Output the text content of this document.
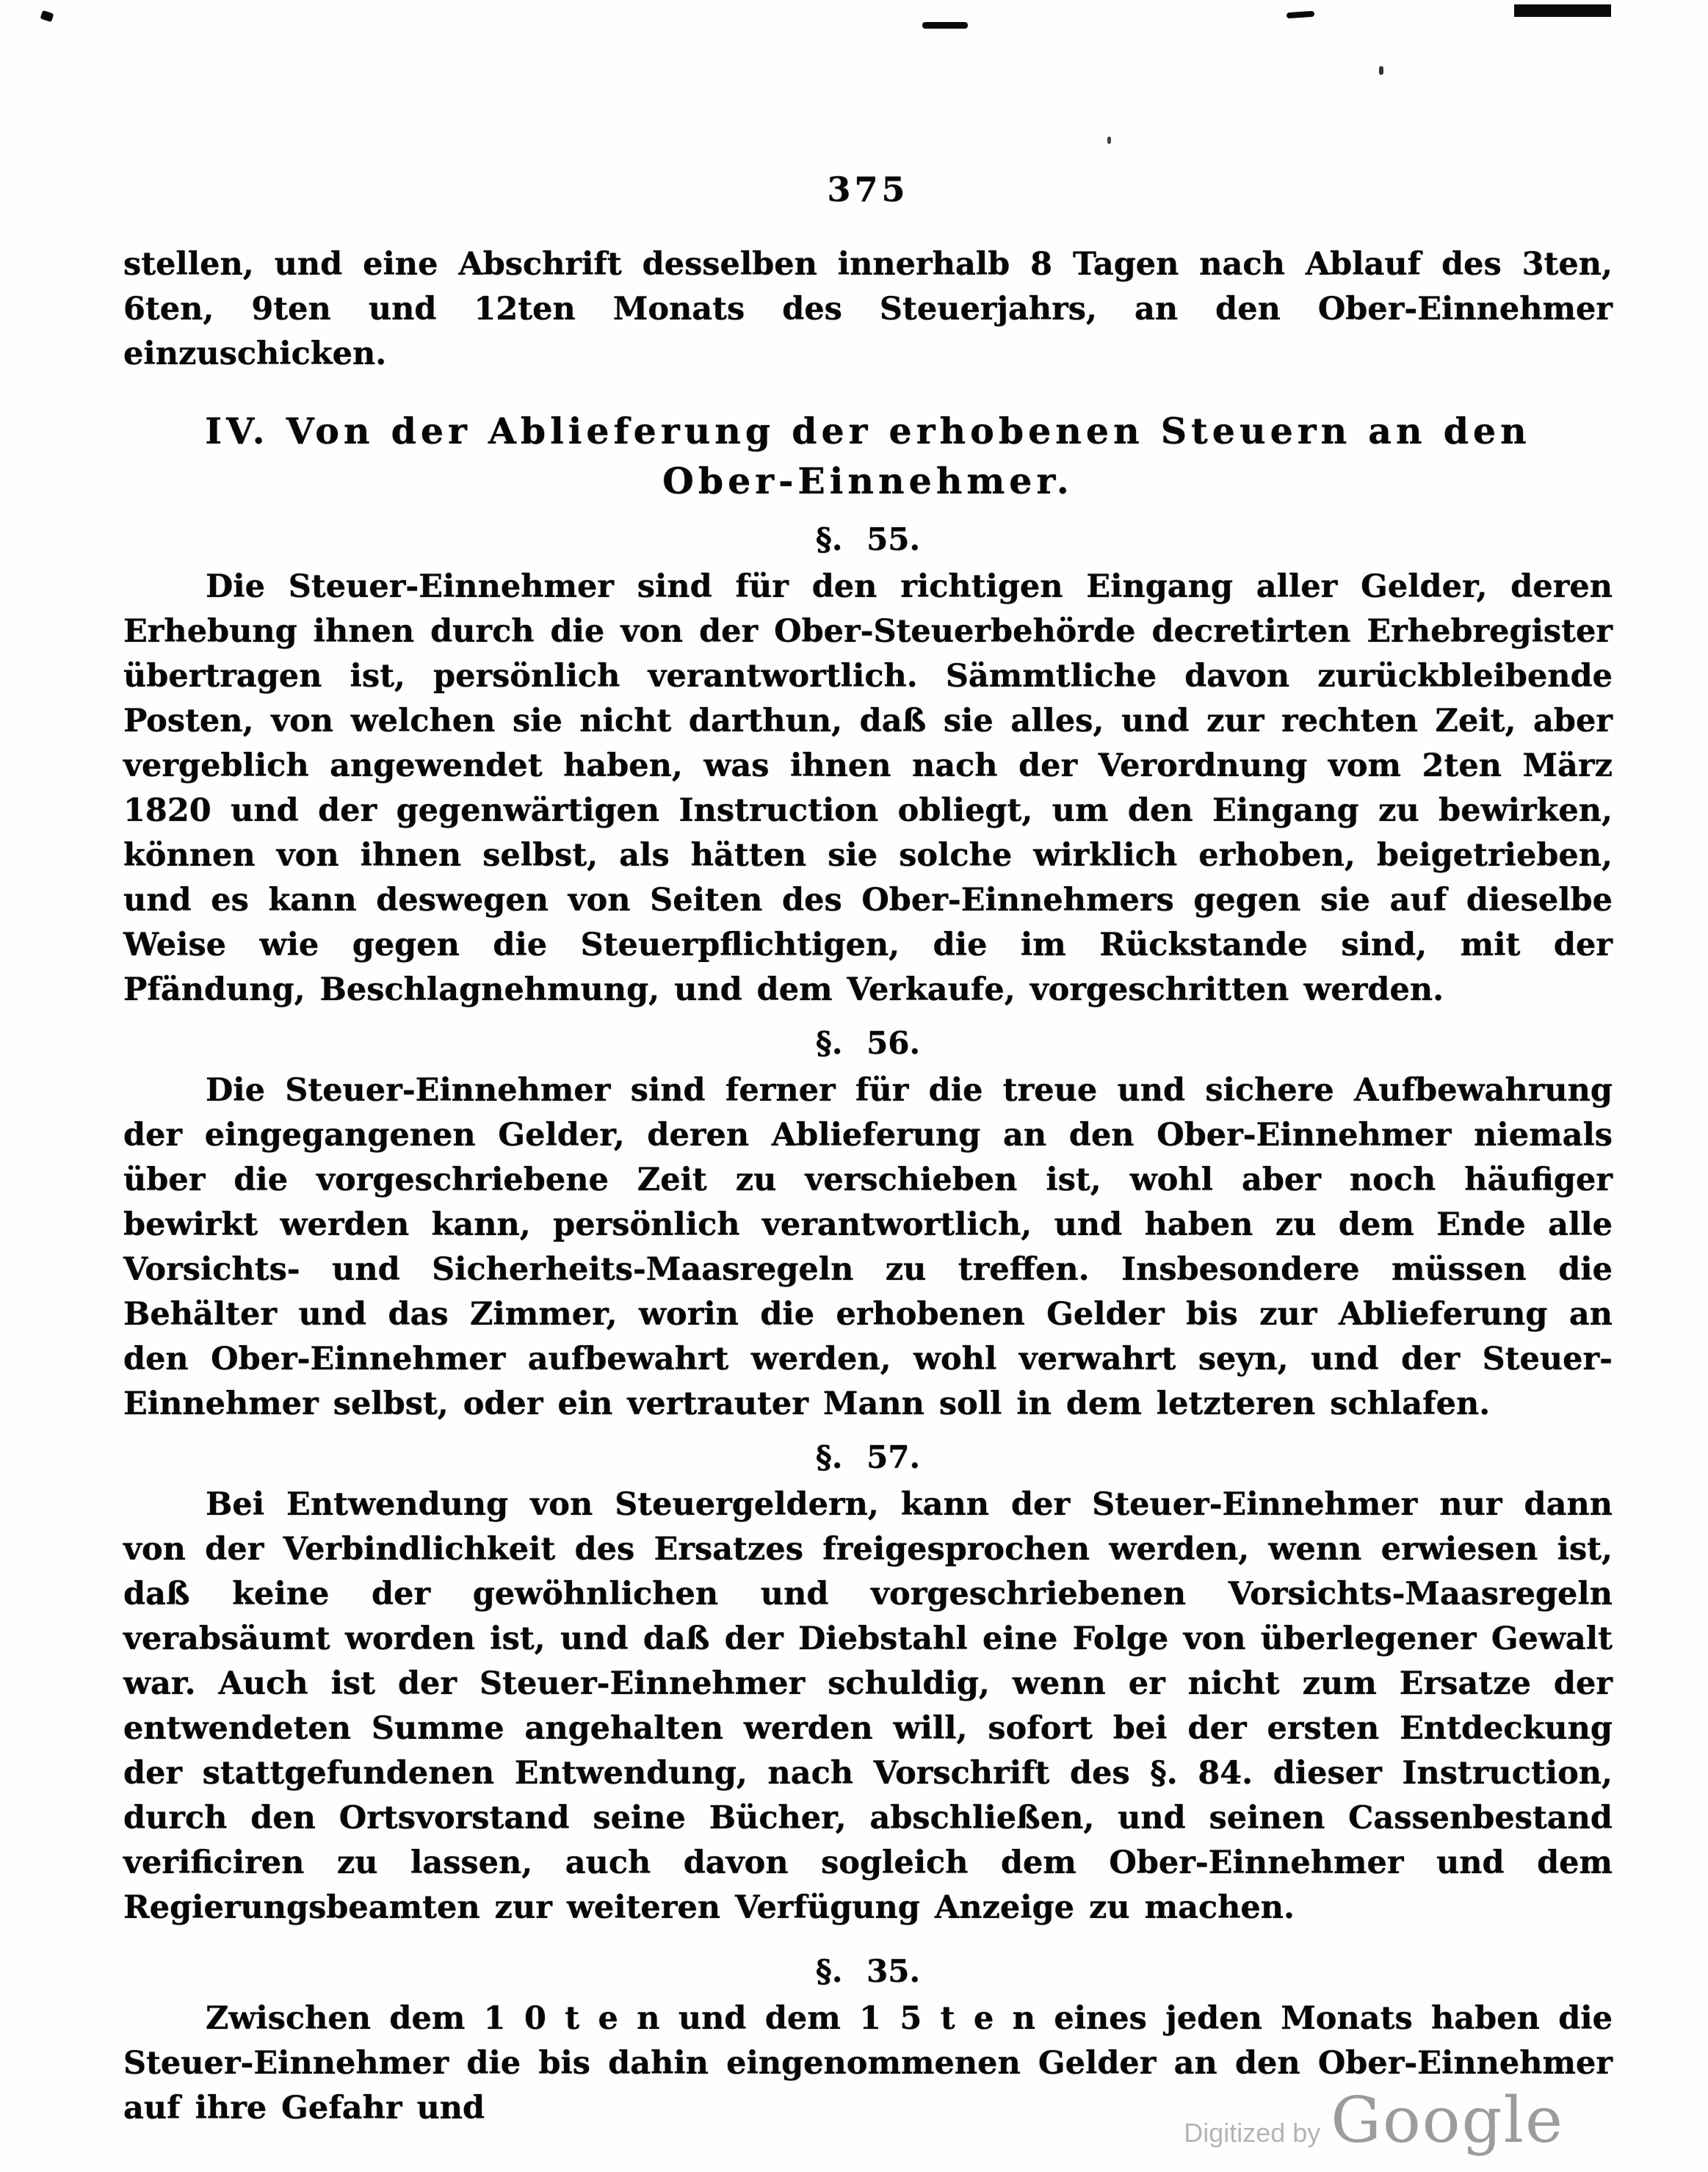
375

stellen, und eine Abschrift desselben innerhalb 8 Tagen nach Ablauf des 3ten, 6ten, 9ten und 12ten Monats des Steuerjahrs, an den Ober-Einnehmer einzuschicken.

IV. Von der Ablieferung der erhobenen Steuern an den
Ober-Einnehmer.
§. 55.

Die Steuer-Einnehmer sind für den richtigen Eingang aller Gelder, deren Erhebung ihnen durch die von der Ober-Steuerbehörde decretirten Erhebregister übertragen ist, persönlich verantwortlich. Sämmtliche davon zurückbleibende Posten, von welchen sie nicht darthun, daß sie alles, und zur rechten Zeit, aber vergeblich angewendet haben, was ihnen nach der Verordnung vom 2ten März 1820 und der gegenwärtigen Instruction obliegt, um den Eingang zu bewirken, können von ihnen selbst, als hätten sie solche wirklich erhoben, beigetrieben, und es kann deswegen von Seiten des Ober-Einnehmers gegen sie auf dieselbe Weise wie gegen die Steuerpflichtigen, die im Rückstande sind, mit der Pfändung, Beschlagnehmung, und dem Verkaufe, vorgeschritten werden.

§. 56.

Die Steuer-Einnehmer sind ferner für die treue und sichere Aufbewahrung der eingegangenen Gelder, deren Ablieferung an den Ober-Einnehmer niemals über die vorgeschriebene Zeit zu verschieben ist, wohl aber noch häufiger bewirkt werden kann, persönlich verantwortlich, und haben zu dem Ende alle Vorsichts- und Sicherheits-Maasregeln zu treffen. Insbesondere müssen die Behälter und das Zimmer, worin die erhobenen Gelder bis zur Ablieferung an den Ober-Einnehmer aufbewahrt werden, wohl verwahrt seyn, und der Steuer-Einnehmer selbst, oder ein vertrauter Mann soll in dem letzteren schlafen.

§. 57.

Bei Entwendung von Steuergeldern, kann der Steuer-Einnehmer nur dann von der Verbindlichkeit des Ersatzes freigesprochen werden, wenn erwiesen ist, daß keine der gewöhnlichen und vorgeschriebenen Vorsichts-Maasregeln verabsäumt worden ist, und daß der Diebstahl eine Folge von überlegener Gewalt war. Auch ist der Steuer-Einnehmer schuldig, wenn er nicht zum Ersatze der entwendeten Summe angehalten werden will, sofort bei der ersten Entdeckung der stattgefundenen Entwendung, nach Vorschrift des §. 84. dieser Instruction, durch den Ortsvorstand seine Bücher, abschließen, und seinen Cassenbestand verificiren zu lassen, auch davon sogleich dem Ober-Einnehmer und dem Regierungsbeamten zur weiteren Verfügung Anzeige zu machen.

§. 35.

Zwischen dem 1 0 t e n und dem 1 5 t e n eines jeden Monats haben die Steuer-Einnehmer die bis dahin eingenommenen Gelder an den Ober-Einnehmer auf ihre Gefahr und

Digitized by Google
